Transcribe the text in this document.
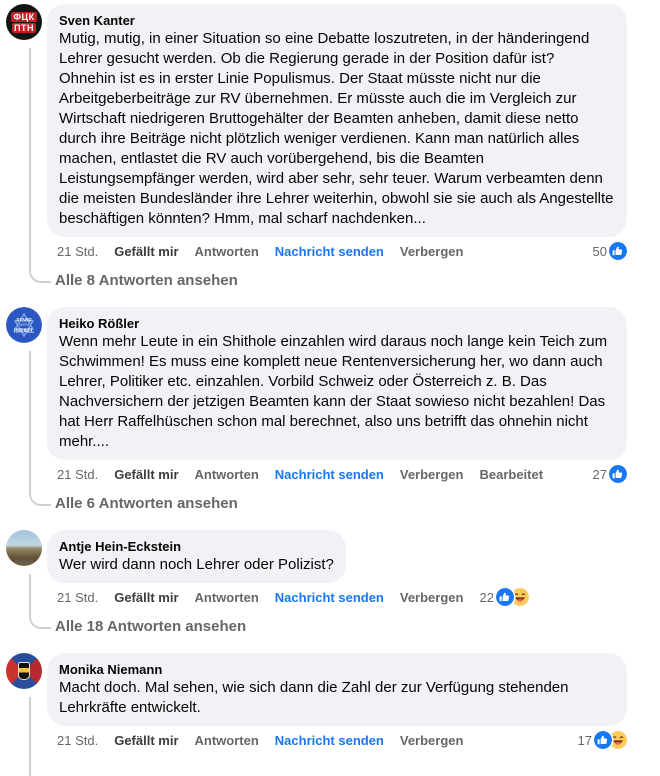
ФЦК
ПТН Sven Kanter
Mutig, mutig, in einer Situation so eine Debatte loszutreten, in der händeringend Lehrer gesucht werden. Ob die Regierung gerade in der Position dafür ist? Ohnehin ist es in erster Linie Populismus. Der Staat müsste nicht nur die Arbeitgeberbeiträge zur RV übernehmen. Er müsste auch die im Vergleich zur Wirtschaft niedrigeren Bruttogehälter der Beamten anheben, damit diese netto durch ihre Beiträge nicht plötzlich weniger verdienen. Kann man natürlich alles machen, entlastet die RV auch vorübergehend, bis die Beamten Leistungsempfänger werden, wird aber sehr, sehr teuer. Warum verbeamten denn die meisten Bundesländer ihre Lehrer weiterhin, obwohl sie sie auch als Angestellte beschäftigen könnten? Hmm, mal scharf nachdenken...
21 Std. Gefällt mir Antworten Nachricht senden Verbergen	50
Alle 8 Antworten ansehen
STAND
WITH
ISRAEL
Heiko Rößler
Wenn mehr Leute in ein Shithole einzahlen wird daraus noch lange kein Teich zum Schwimmen! Es muss eine komplett neue Rentenversicherung her, wo dann auch Lehrer, Politiker etc. einzahlen. Vorbild Schweiz oder Österreich z. B. Das Nachversichern der jetzigen Beamten kann der Staat sowieso nicht bezahlen! Das hat Herr Raffelhüschen schon mal berechnet, also uns betrifft das ohnehin nicht mehr....
21 Std. Gefällt mir Antworten Nachricht senden Verbergen Bearbeitet	27
Alle 6 Antworten ansehen
Antje Hein-Eckstein
Wer wird dann noch Lehrer oder Polizist?
21 Std. Gefällt mir Antworten Nachricht senden Verbergen 22
Alle 18 Antworten ansehen
Monika Niemann
Macht doch. Mal sehen, wie sich dann die Zahl der zur Verfügung stehenden Lehrkräfte entwickelt.
21 Std. Gefällt mir Antworten Nachricht senden Verbergen	17
